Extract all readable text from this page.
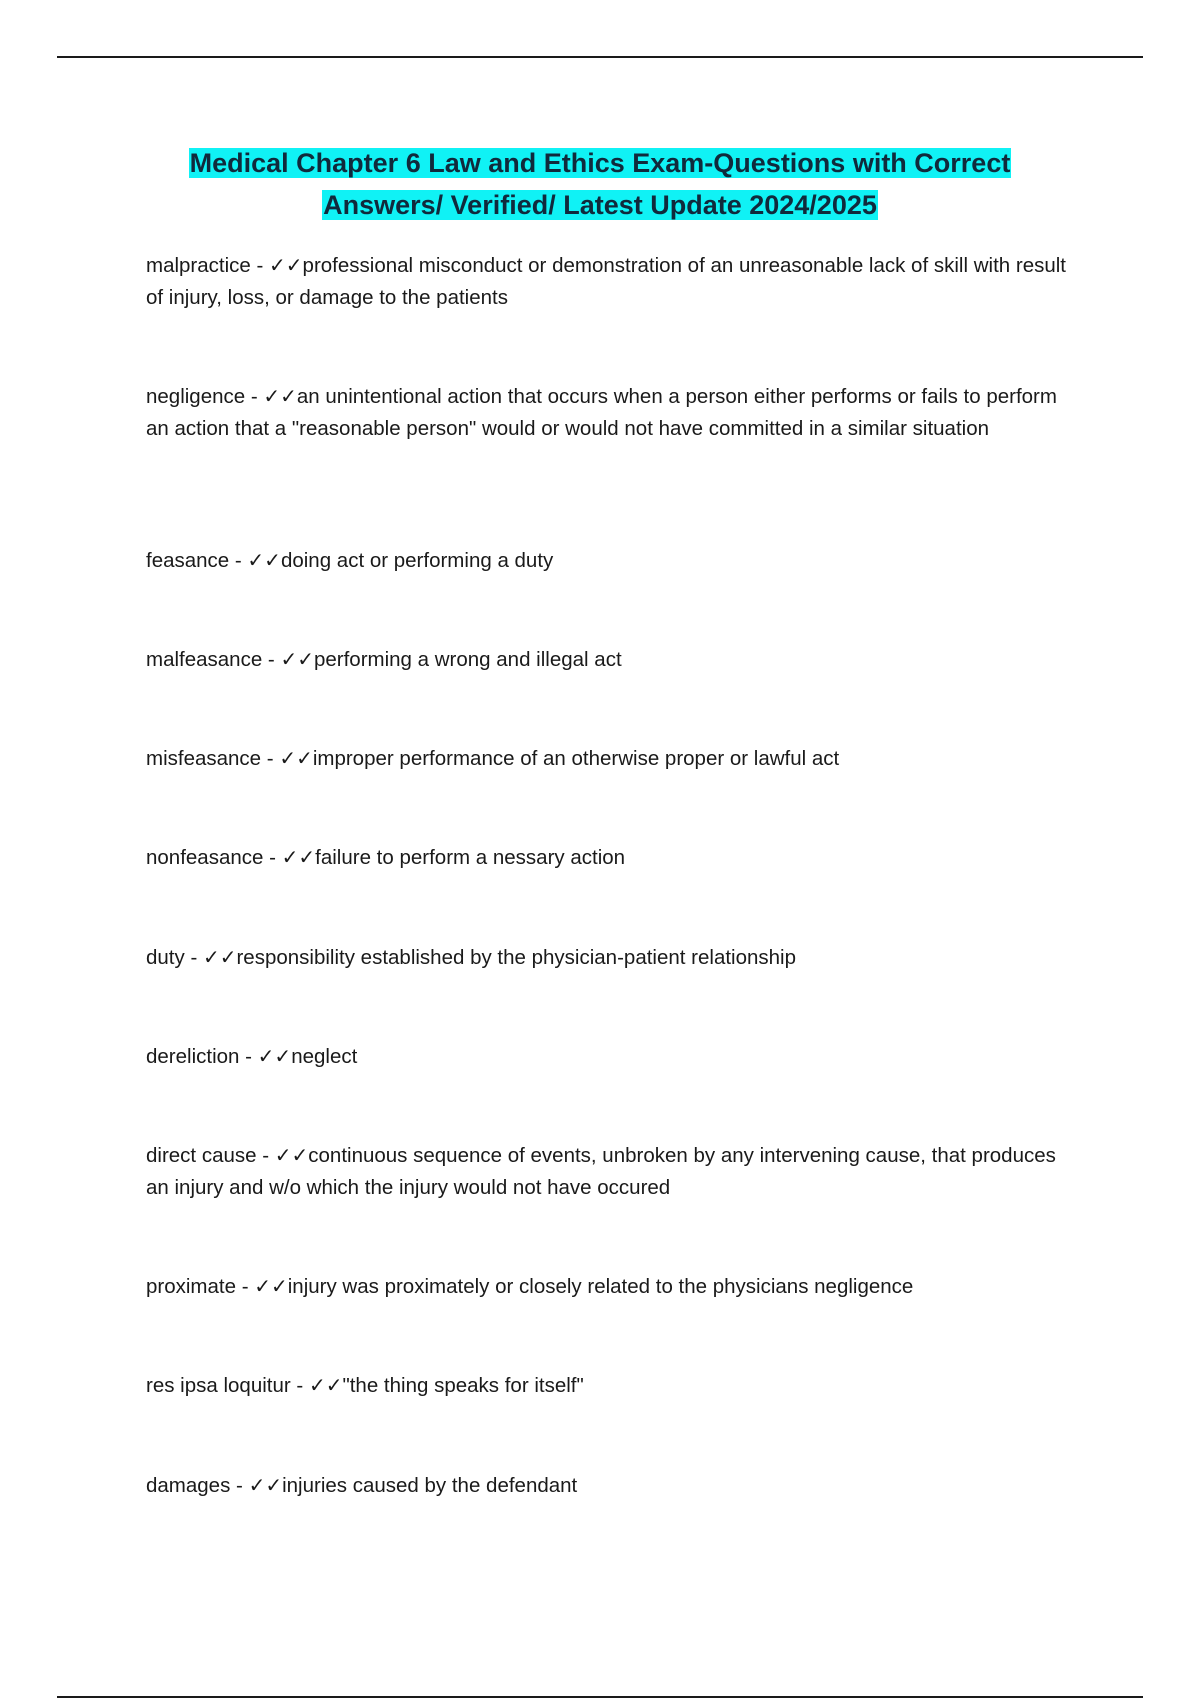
Medical Chapter 6 Law and Ethics Exam-Questions with Correct
Answers/ Verified/ Latest Update 2024/2025
malpractice - ✓✓professional misconduct or demonstration of an unreasonable lack of skill with result of injury, loss, or damage to the patients
negligence - ✓✓an unintentional action that occurs when a person either performs or fails to perform an action that a "reasonable person" would or would not have committed in a similar situation
feasance - ✓✓doing act or performing a duty
malfeasance - ✓✓performing a wrong and illegal act
misfeasance - ✓✓improper performance of an otherwise proper or lawful act
nonfeasance - ✓✓failure to perform a nessary action
duty - ✓✓responsibility established by the physician-patient relationship
dereliction - ✓✓neglect
direct cause - ✓✓continuous sequence of events, unbroken by any intervening cause, that produces an injury and w/o which the injury would not have occured
proximate - ✓✓injury was proximately or closely related to the physicians negligence
res ipsa loquitur - ✓✓"the thing speaks for itself"
damages - ✓✓injuries caused by the defendant
